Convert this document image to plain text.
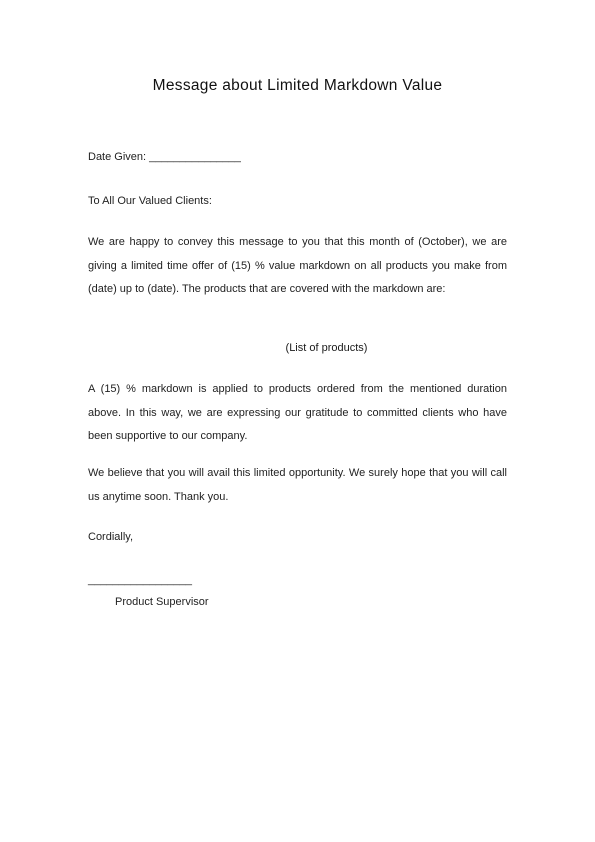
Message about Limited Markdown Value
Date Given: _______________
To All Our Valued Clients:
We are happy to convey this message to you that this month of (October), we are giving a limited time offer of (15) % value markdown on all products you make from (date) up to (date). The products that are covered with the markdown are:
(List of products)
A (15) % markdown is applied to products ordered from the mentioned duration above. In this way, we are expressing our gratitude to committed clients who have been supportive to our company.
We believe that you will avail this limited opportunity. We surely hope that you will call us anytime soon. Thank you.
Cordially,
_________________
Product Supervisor
